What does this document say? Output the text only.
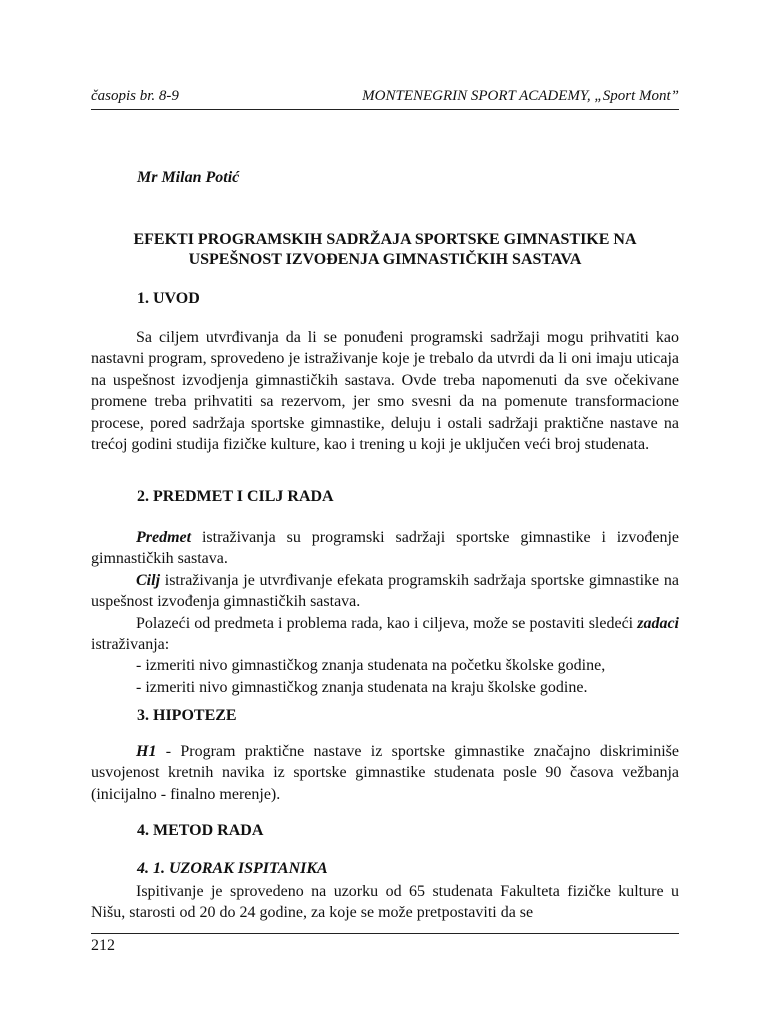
časopis br. 8-9	MONTENEGRIN SPORT ACADEMY, „Sport Mont”
Mr Milan Potić
EFEKTI PROGRAMSKIH SADRŽAJA SPORTSKE GIMNASTIKE NA
USPEŠNOST IZVOĐENJA GIMNASTIČKIH SASTAVA
1. UVOD

Sa ciljem utvrđivanja da li se ponuđeni programski sadržaji mogu prihvatiti kao nastavni program, sprovedeno je istraživanje koje je trebalo da utvrdi da li oni imaju uticaja na uspešnost izvodjenja gimnastičkih sastava. Ovde treba napomenuti da sve očekivane promene treba prihvatiti sa rezervom, jer smo svesni da na pomenute transformacione procese, pored sadržaja sportske gimnastike, deluju i ostali sadržaji praktične nastave na trećoj godini studija fizičke kulture, kao i trening u koji je uključen veći broj studenata.

2. PREDMET I CILJ RADA

Predmet istraživanja su programski sadržaji sportske gimnastike i izvođenje gimnastičkih sastava.

Cilj istraživanja je utvrđivanje efekata programskih sadržaja sportske gimnastike na uspešnost izvođenja gimnastičkih sastava.

Polazeći od predmeta i problema rada, kao i ciljeva, može se postaviti sledeći zadaci istraživanja:

- izmeriti nivo gimnastičkog znanja studenata na početku školske godine,

- izmeriti nivo gimnastičkog znanja studenata na kraju školske godine.

3. HIPOTEZE

H1 - Program praktične nastave iz sportske gimnastike značajno diskriminiše usvojenost kretnih navika iz sportske gimnastike studenata posle 90 časova vežbanja (inicijalno - finalno merenje).

4. METOD RADA
4. 1. UZORAK ISPITANIKA

Ispitivanje je sprovedeno na uzorku od 65 studenata Fakulteta fizičke kulture u Nišu, starosti od 20 do 24 godine, za koje se može pretpostaviti da se

212
